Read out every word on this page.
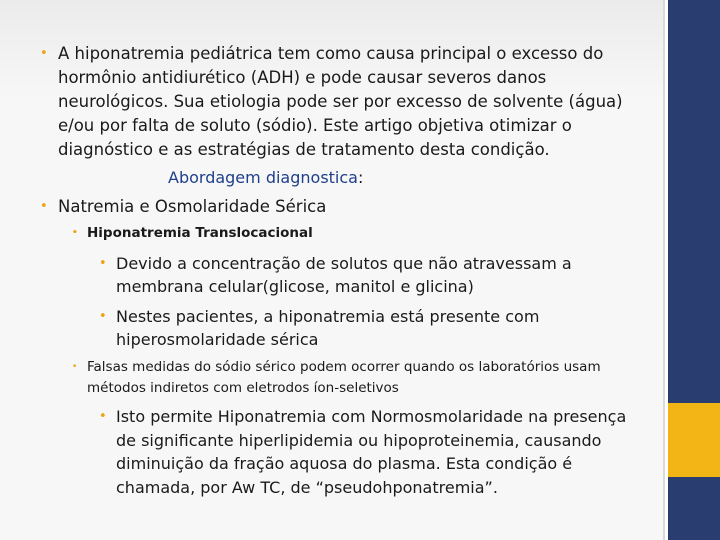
• A hiponatremia pediátrica tem como causa principal o excesso do hormônio antidiurético (ADH) e pode causar severos danos neurológicos. Sua etiologia pode ser por excesso de solvente (água) e/ou por falta de soluto (sódio). Este artigo objetiva otimizar o diagnóstico e as estratégias de tratamento desta condição.
Abordagem diagnostica:
• Natremia e Osmolaridade Sérica
• Hiponatremia Translocacional
• Devido a concentração de solutos que não atravessam a membrana celular(glicose, manitol e glicina)
• Nestes pacientes, a hiponatremia está presente com hiperosmolaridade sérica
• Falsas medidas do sódio sérico podem ocorrer quando os laboratórios usam métodos indiretos com eletrodos íon-seletivos
• Isto permite Hiponatremia com Normosmolaridade na presença de significante hiperlipidemia ou hipoproteinemia, causando diminuição da fração aquosa do plasma. Esta condição é chamada, por Aw TC, de “pseudohponatremia”.
